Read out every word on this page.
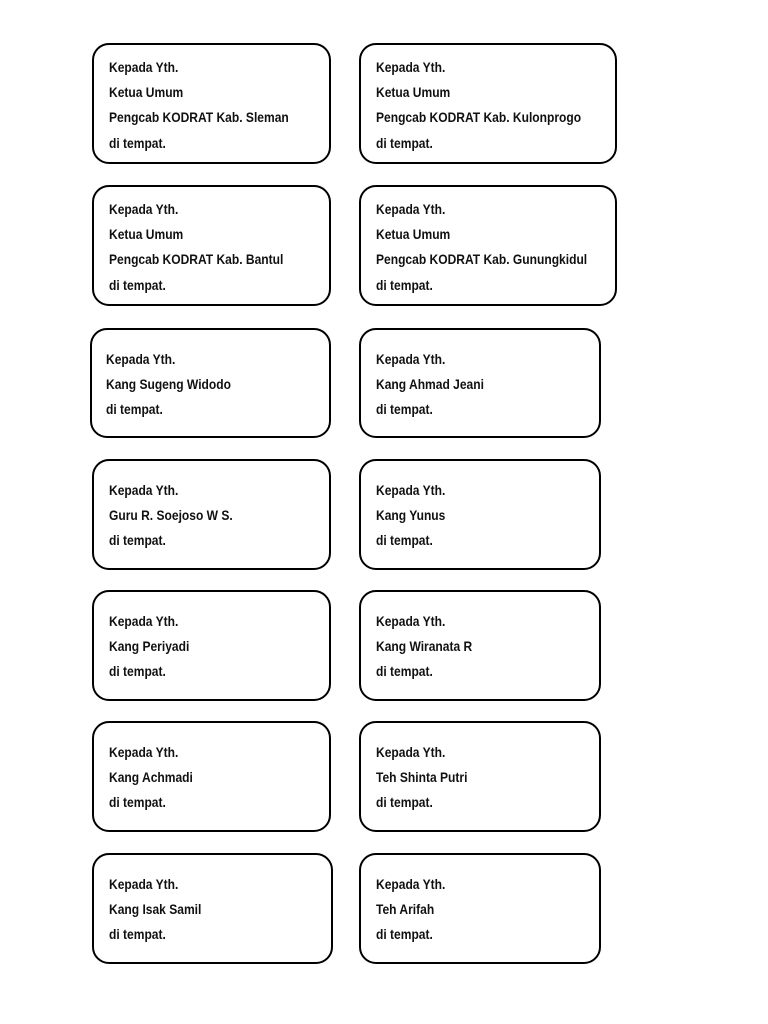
Kepada Yth.
Ketua Umum
Pengcab KODRAT Kab. Sleman
di tempat.
Kepada Yth.
Ketua Umum
Pengcab KODRAT Kab. Kulonprogo
di tempat.
Kepada Yth.
Ketua Umum
Pengcab KODRAT Kab. Bantul
di tempat.
Kepada Yth.
Ketua Umum
Pengcab KODRAT Kab. Gunungkidul
di tempat.
Kepada Yth.
Kang Sugeng Widodo
di tempat.
Kepada Yth.
Kang Ahmad Jeani
di tempat.
Kepada Yth.
Guru R. Soejoso W S.
di tempat.
Kepada Yth.
Kang Yunus
di tempat.
Kepada Yth.
Kang Periyadi
di tempat.
Kepada Yth.
Kang Wiranata R
di tempat.
Kepada Yth.
Kang Achmadi
di tempat.
Kepada Yth.
Teh Shinta Putri
di tempat.
Kepada Yth.
Kang Isak Samil
di tempat.
Kepada Yth.
Teh Arifah
di tempat.
